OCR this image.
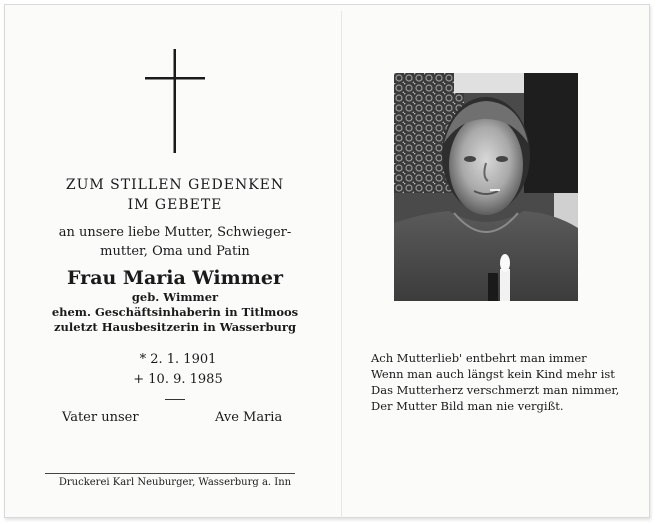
ZUM STILLEN GEDENKEN
IM GEBETE
an unsere liebe Mutter, Schwieger-
mutter, Oma und Patin
Frau Maria Wimmer
geb. Wimmer
ehem. Geschäftsinhaberin in Titlmoos
zuletzt Hausbesitzerin in Wasserburg
* 2. 1. 1901
+ 10. 9. 1985
Vater unser	Ave Maria
Druckerei Karl Neuburger, Wasserburg a. Inn
Ach Mutterlieb' entbehrt man immer
Wenn man auch längst kein Kind mehr ist
Das Mutterherz verschmerzt man nimmer,
Der Mutter Bild man nie vergißt.
